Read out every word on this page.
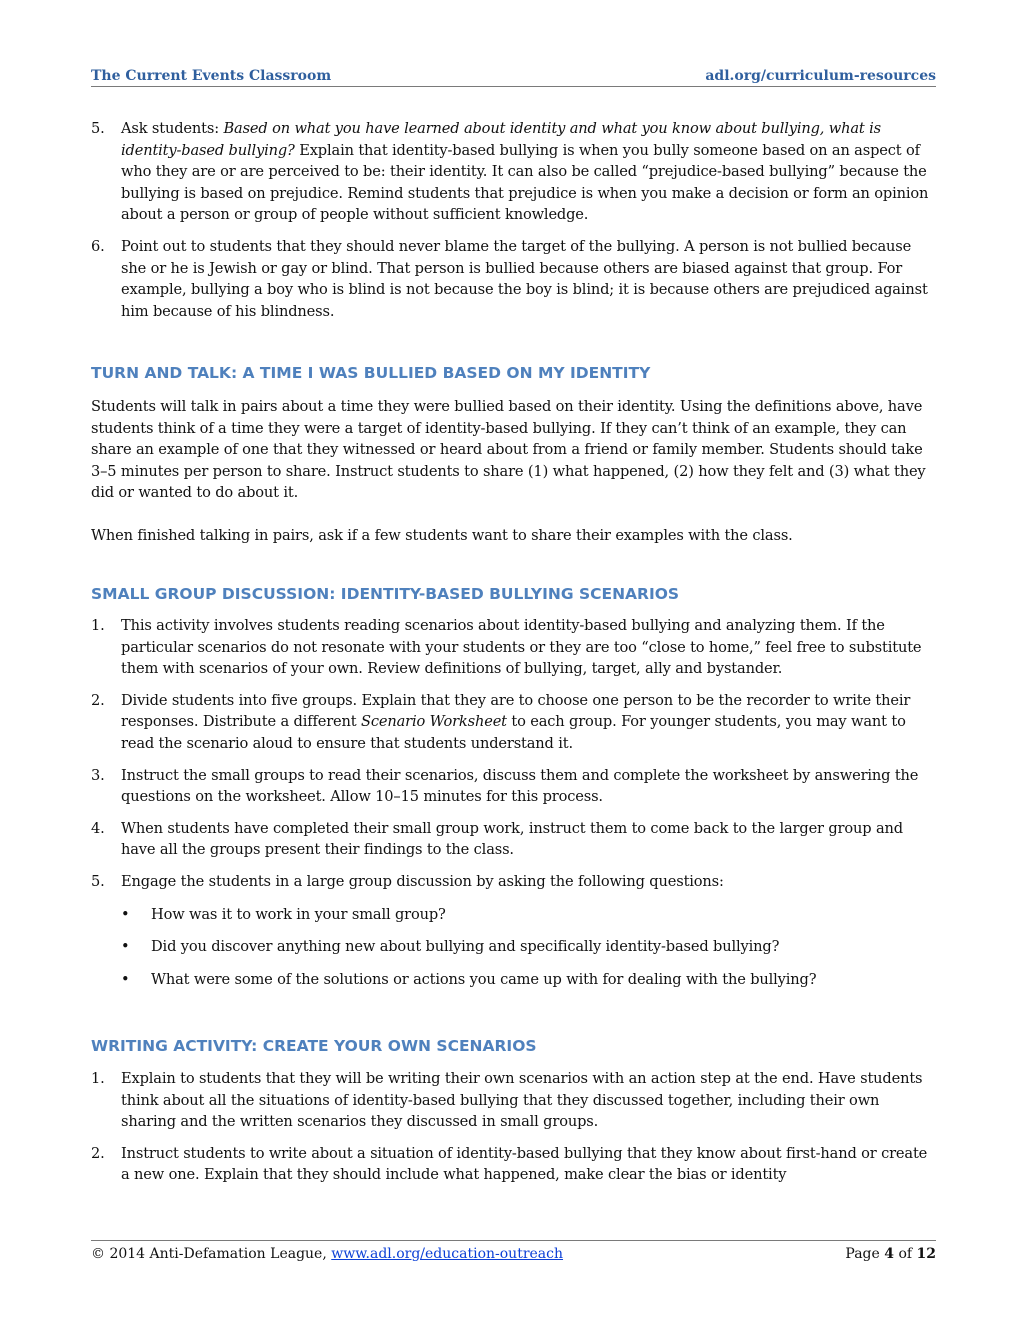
The Current Events Classroom	adl.org/curriculum-resources
5. Ask students: Based on what you have learned about identity and what you know about bullying, what is identity-based bullying? Explain that identity-based bullying is when you bully someone based on an aspect of who they are or are perceived to be: their identity. It can also be called “prejudice-based bullying” because the bullying is based on prejudice. Remind students that prejudice is when you make a decision or form an opinion about a person or group of people without sufficient knowledge.
6. Point out to students that they should never blame the target of the bullying. A person is not bullied because she or he is Jewish or gay or blind. That person is bullied because others are biased against that group. For example, bullying a boy who is blind is not because the boy is blind; it is because others are prejudiced against him because of his blindness.
TURN AND TALK: A TIME I WAS BULLIED BASED ON MY IDENTITY

Students will talk in pairs about a time they were bullied based on their identity. Using the definitions above, have students think of a time they were a target of identity-based bullying. If they can’t think of an example, they can share an example of one that they witnessed or heard about from a friend or family member. Students should take 3–5 minutes per person to share. Instruct students to share (1) what happened, (2) how they felt and (3) what they did or wanted to do about it.

When finished talking in pairs, ask if a few students want to share their examples with the class.

SMALL GROUP DISCUSSION: IDENTITY-BASED BULLYING SCENARIOS
1. This activity involves students reading scenarios about identity-based bullying and analyzing them. If the particular scenarios do not resonate with your students or they are too “close to home,” feel free to substitute them with scenarios of your own. Review definitions of bullying, target, ally and bystander.
2. Divide students into five groups. Explain that they are to choose one person to be the recorder to write their responses. Distribute a different Scenario Worksheet to each group. For younger students, you may want to read the scenario aloud to ensure that students understand it.
3. Instruct the small groups to read their scenarios, discuss them and complete the worksheet by answering the questions on the worksheet. Allow 10–15 minutes for this process.
4. When students have completed their small group work, instruct them to come back to the larger group and have all the groups present their findings to the class.
5. Engage the students in a large group discussion by asking the following questions:
• How was it to work in your small group?
• Did you discover anything new about bullying and specifically identity-based bullying?
• What were some of the solutions or actions you came up with for dealing with the bullying?
WRITING ACTIVITY: CREATE YOUR OWN SCENARIOS
1. Explain to students that they will be writing their own scenarios with an action step at the end. Have students think about all the situations of identity-based bullying that they discussed together, including their own sharing and the written scenarios they discussed in small groups.
2. Instruct students to write about a situation of identity-based bullying that they know about first-hand or create a new one. Explain that they should include what happened, make clear the bias or identity
© 2014 Anti-Defamation League, www.adl.org/education-outreach	Page 4 of 12
